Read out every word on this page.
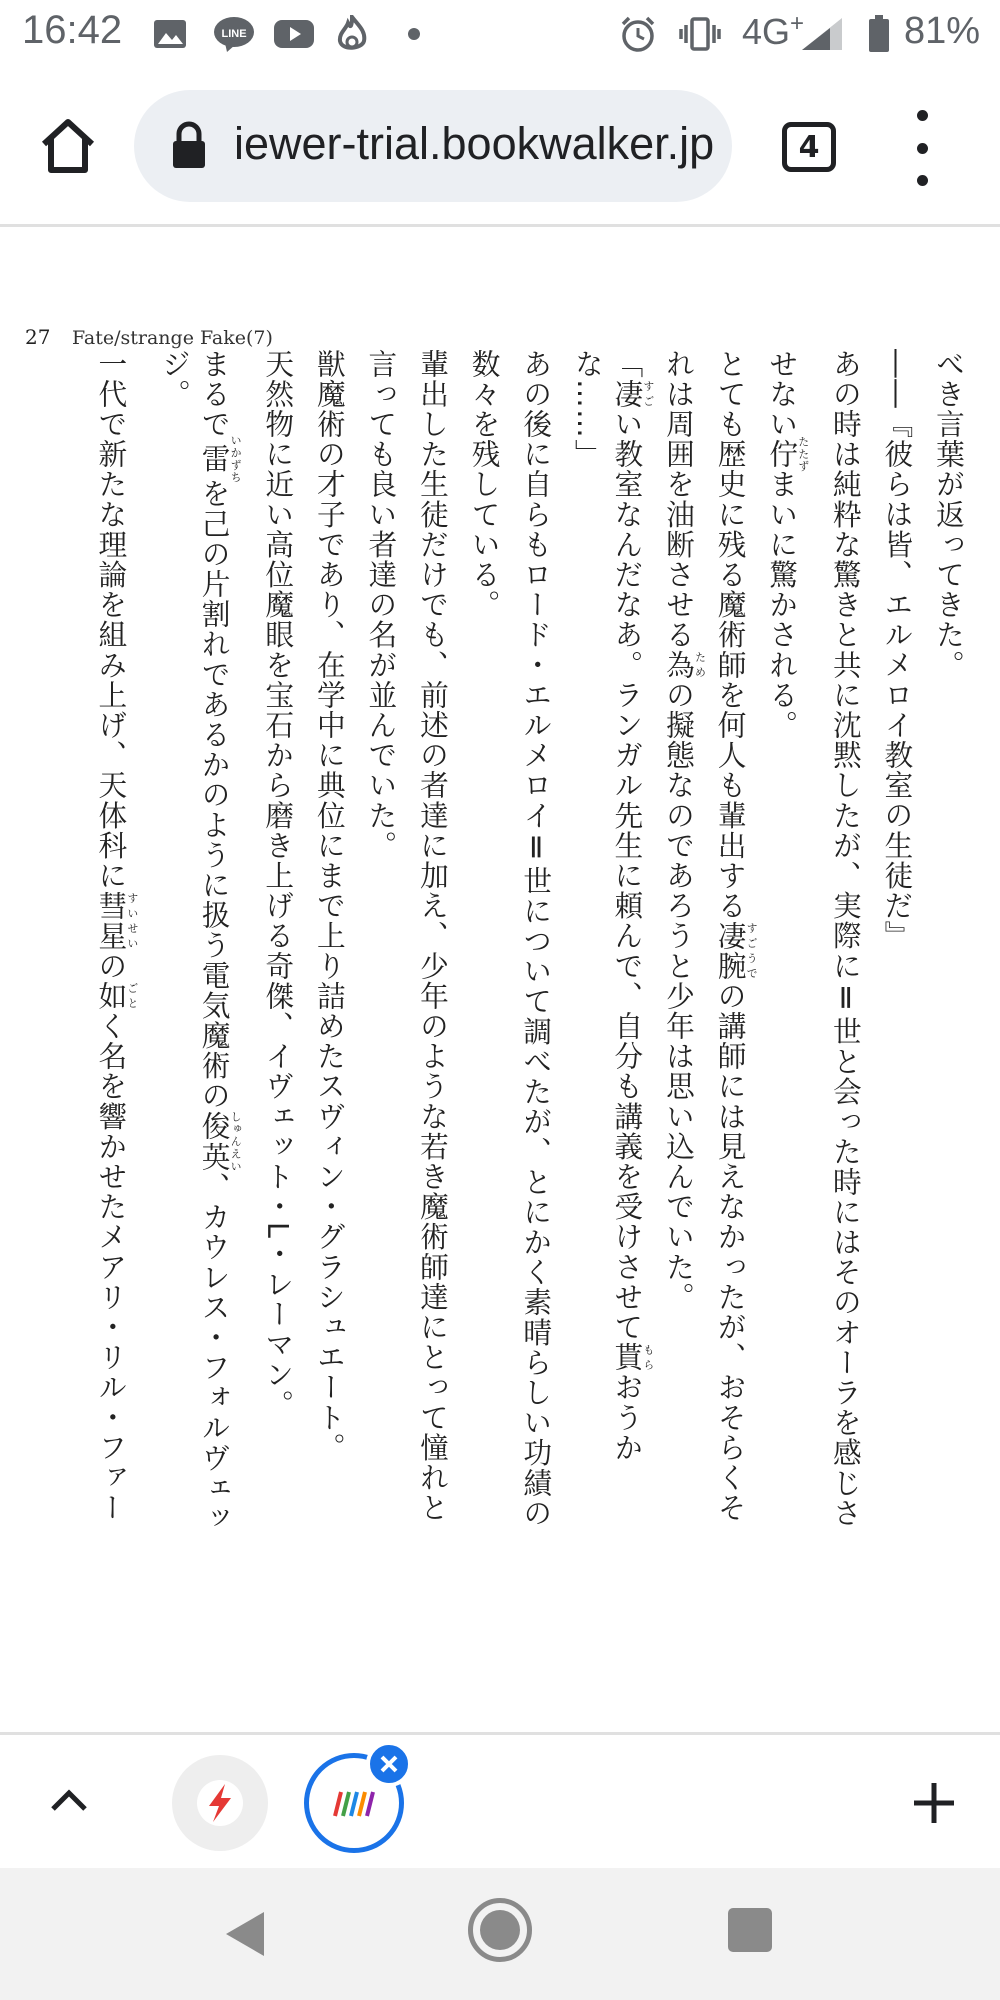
16:42	LINE	4G+	81%
iewer-trial.bookwalker.jp	4
27 Fate/strange Fake(7)
べき言葉が返ってきた。
――『彼らは皆、エルメロイ教室の生徒だ』
あの時は純粋な驚きと共に沈黙したが、実際にⅡ世と会った時にはそのオーラを感じさ
せない佇たたずまいに驚かされる。
とても歴史に残る魔術師を何人も輩出する凄腕すごうでの講師には見えなかったが、おそらくそ
れは周囲を油断させる為ための擬態なのであろうと少年は思い込んでいた。
「凄すごい教室なんだなあ。ランガル先生に頼んで、自分も講義を受けさせて貰もらおうか
な……」
あの後に自らもロード・エルメロイⅡ世について調べたが、とにかく素晴らしい功績の
数々を残している。
輩出した生徒だけでも、前述の者達に加え、少年のような若き魔術師達にとって憧れと
言っても良い者達の名が並んでいた。
獣魔術の才子であり、在学中に典位にまで上り詰めたスヴィン・グラシュエート。
天然物に近い高位魔眼を宝石から磨き上げる奇傑、イヴェット・L・レーマン。
まるで雷いかずちを己の片割れであるかのように扱う電気魔術の俊英しゅんえい、カウレス・フォルヴェッ
ジ。
一代で新たな理論を組み上げ、天体科に彗星すいせいの如ごとく名を響かせたメアリ・リル・ファー
